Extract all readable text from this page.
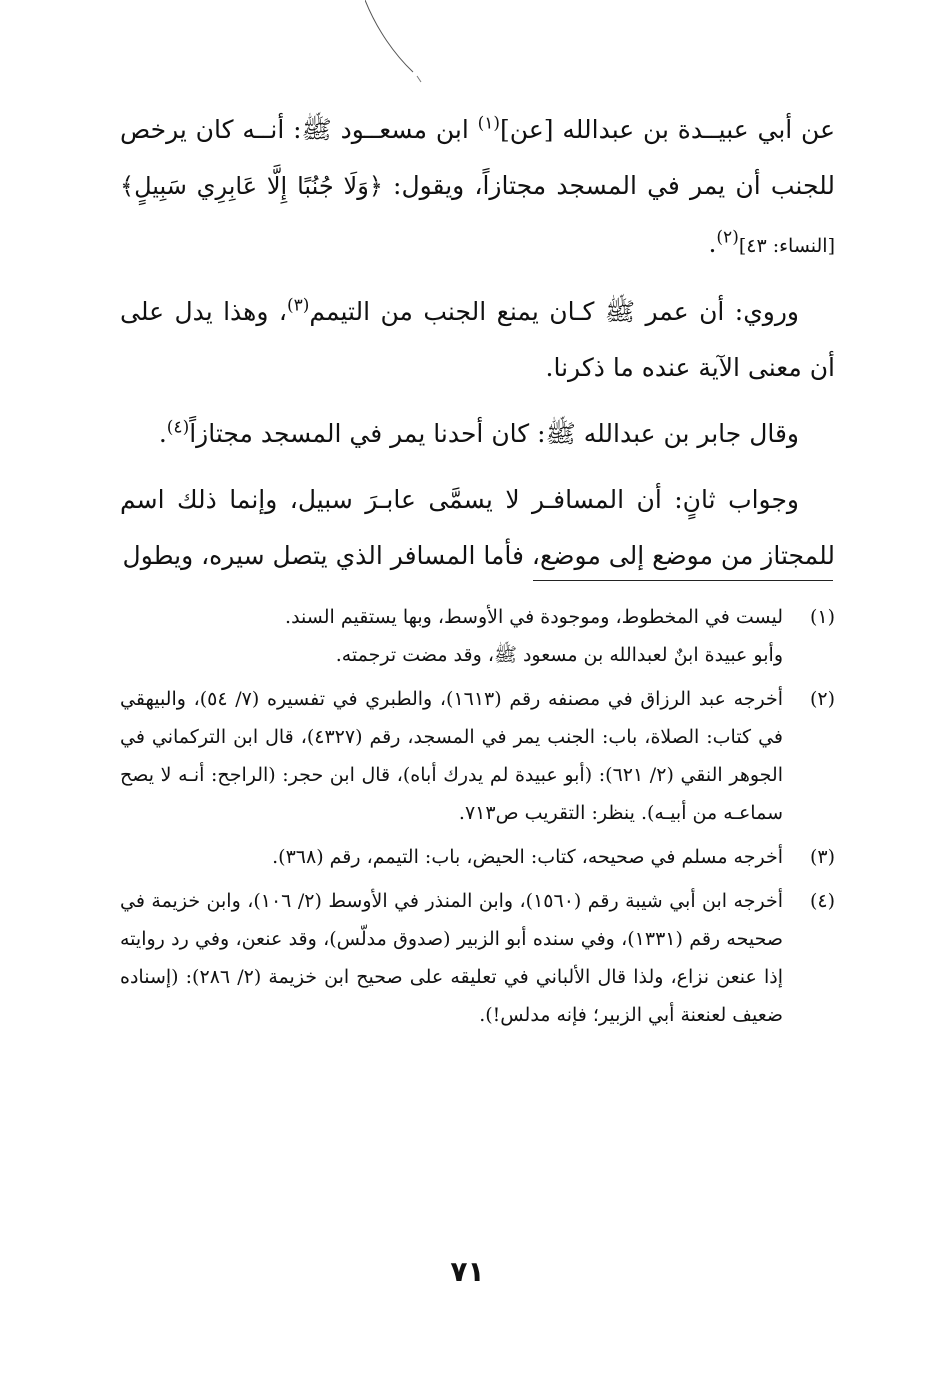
عن أبي عبيــدة بن عبدالله [عن]$^{(١)}$ ابن مسعــود ﷺ: أنــه كان يرخص للجنب أن يمر في المسجد مجتازاً، ويقول: ﴿وَلَا جُنُبًا إِلَّا عَابِرِي سَبِيلٍ﴾ [النساء: ٤٣]$^{(٢)}$.

وروي: أن عمر ﷺ كـان يمنع الجنب من التيمم$^{(٣)}$، وهذا يدل على أن معنى الآية عنده ما ذكرنا.

وقال جابر بن عبدالله ﷺ: كان أحدنا يمر في المسجد مجتازاً$^{(٤)}$.

وجواب ثانٍ: أن المسافـر لا يسمَّى عابـرَ سبيل، وإنما ذلك اسم للمجتاز من موضع إلى موضع، فأما المسافر الذي يتصل سيره، ويطول

(١)

ليست في المخطوط، وموجودة في الأوسط، وبها يستقيم السند.

وأبو عبيدة ابنٌ لعبدالله بن مسعود ﷺ، وقد مضت ترجمته.

(٢)

أخرجه عبد الرزاق في مصنفه رقم (١٦١٣)، والطبري في تفسيره (٧/ ٥٤)، والبيهقي في كتاب: الصلاة، باب: الجنب يمر في المسجد، رقم (٤٣٢٧)، قال ابن التركماني في الجوهر النقي (٢/ ٦٢١): (أبو عبيدة لم يدرك أباه)، قال ابن حجر: (الراجح: أنـه لا يصح سماعـه من أبيـه). ينظر: التقريب ص٧١٣.

(٣)

أخرجه مسلم في صحيحه، كتاب: الحيض، باب: التيمم، رقم (٣٦٨).

(٤)

أخرجه ابن أبي شيبة رقم (١٥٦٠)، وابن المنذر في الأوسط (٢/ ١٠٦)، وابن خزيمة في صحيحه رقم (١٣٣١)، وفي سنده أبو الزبير (صدوق مدلّس)، وقد عنعن، وفي رد روايته إذا عنعن نزاع، ولذا قال الألباني في تعليقه على صحيح ابن خزيمة (٢/ ٢٨٦): (إسناده ضعيف لعنعنة أبي الزبير؛ فإنه مدلس!).

٧١
